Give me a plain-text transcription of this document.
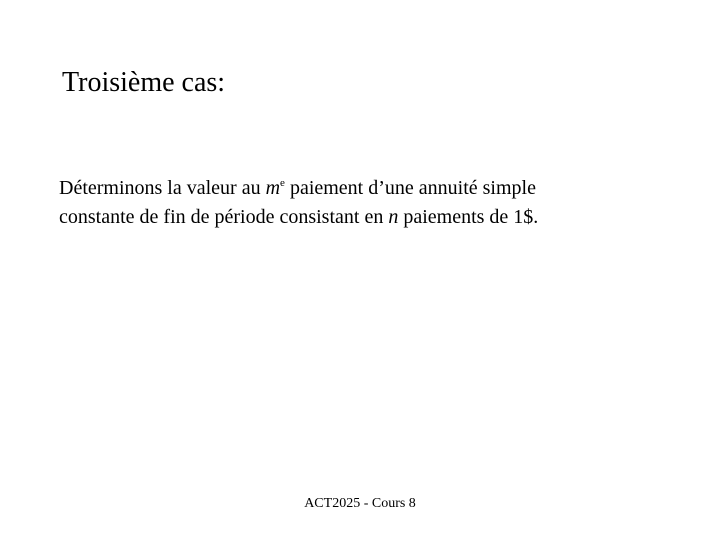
Troisième cas:
Déterminons la valeur au $m^e$ paiement d’une annuité simple
constante de fin de période consistant en n paiements de 1$.
ACT2025 - Cours 8
